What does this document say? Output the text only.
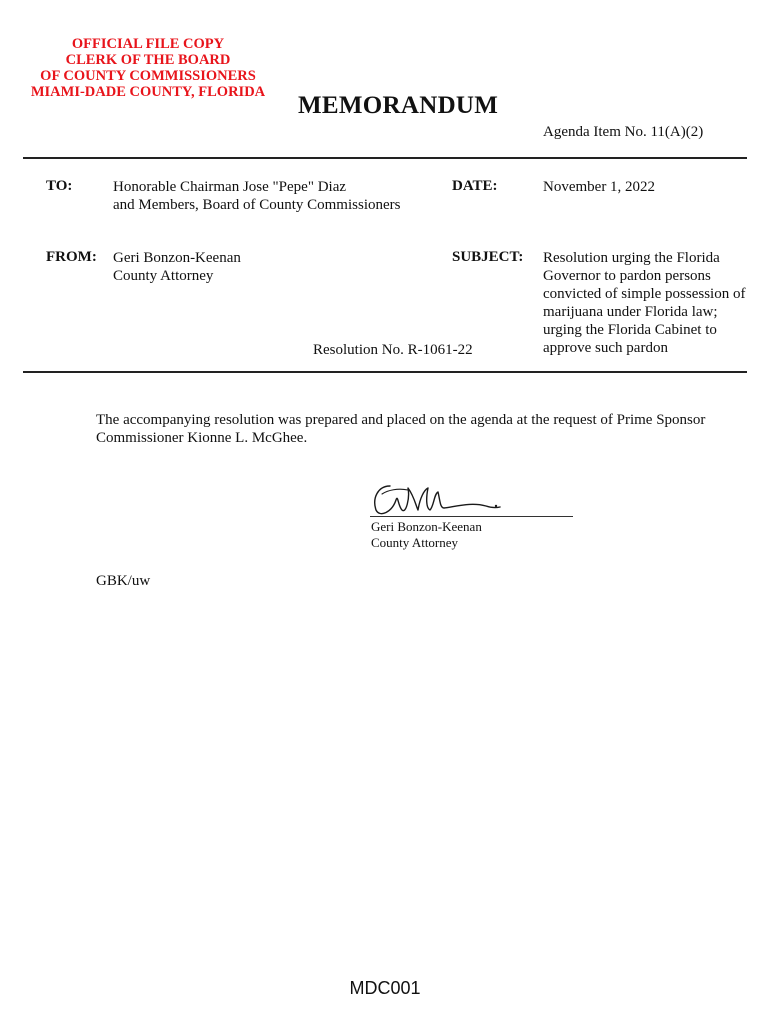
OFFICIAL FILE COPY
CLERK OF THE BOARD
OF COUNTY COMMISSIONERS
MIAMI-DADE COUNTY, FLORIDA	MEMORANDUM
Agenda Item No. 11(A)(2)
TO:	Honorable Chairman Jose "Pepe" Diaz
and Members, Board of County Commissioners
DATE:	November 1, 2022
FROM: Geri Bonzon-Keenan
County Attorney
SUBJECT: Resolution urging the Florida
Governor to pardon persons
convicted of simple possession of
marijuana under Florida law;
urging the Florida Cabinet to
approve such pardon
Resolution No. R-1061-22
The accompanying resolution was prepared and placed on the agenda at the request of Prime Sponsor
Commissioner Kionne L. McGhee.
Geri Bonzon-Keenan
County Attorney
GBK/uw
MDC001
